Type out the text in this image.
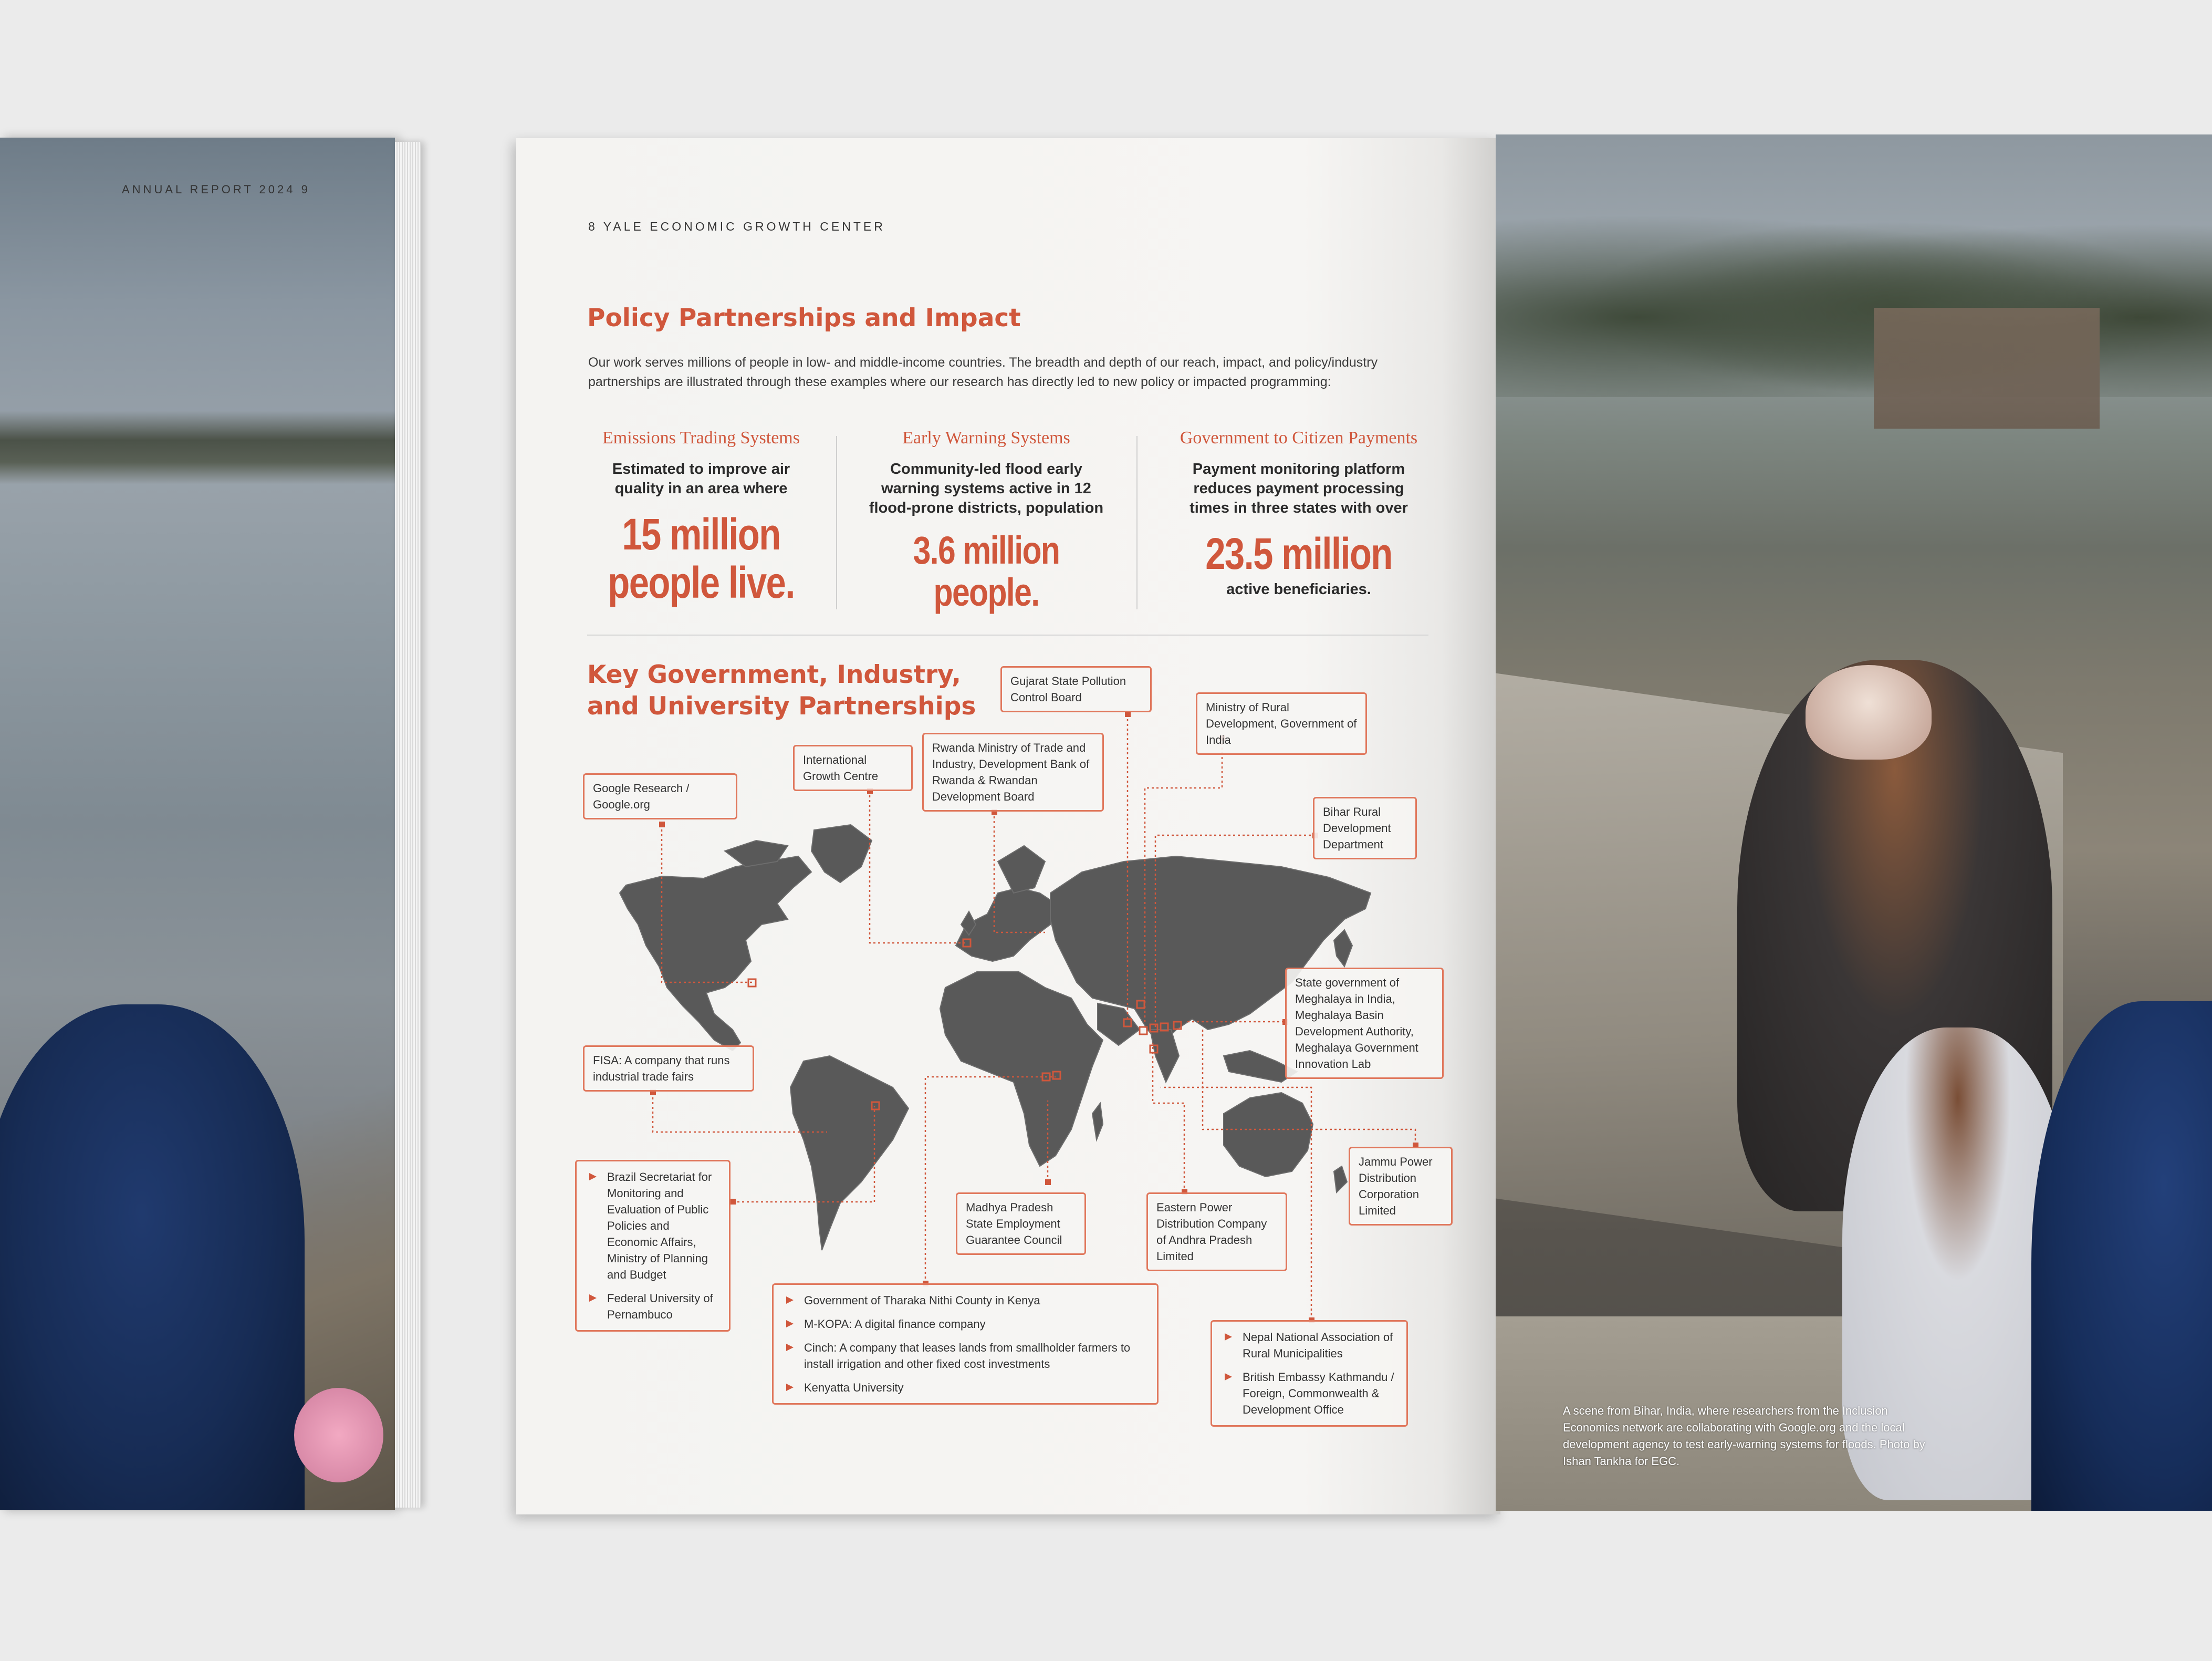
ANNUAL REPORT 2024 9
8 YALE ECONOMIC GROWTH CENTER
Policy Partnerships and Impact
Our work serves millions of people in low- and middle-income countries. The breadth and depth of our reach, impact, and policy/industry partnerships are illustrated through these examples where our research has directly led to new policy or impacted programming:
Emissions Trading Systems
Estimated to improve air quality in an area where
15 million
people live.
Early Warning Systems
Community-led flood early warning systems active in 12 flood-prone districts, population
3.6 million
people.
Government to Citizen Payments
Payment monitoring platform reduces payment processing times in three states with over
23.5 million
active beneficiaries.
Key Government, Industry,
and University Partnerships
Google Research / Google.org
International Growth Centre
Rwanda Ministry of Trade and Industry, Development Bank of Rwanda & Rwandan Development Board
Gujarat State Pollution Control Board
Ministry of Rural Development, Government of India
Bihar Rural Development Department
State government of Meghalaya in India, Meghalaya Basin Development Authority, Meghalaya Government Innovation Lab
FISA: A company that runs industrial trade fairs
Brazil Secretariat for Monitoring and Evaluation of Public Policies and Economic Affairs, Ministry of Planning and Budget
Federal University of Pernambuco
Madhya Pradesh State Employment Guarantee Council
Eastern Power Distribution Company of Andhra Pradesh Limited
Jammu Power Distribution Corporation Limited
Government of Tharaka Nithi County in Kenya
M-KOPA: A digital finance company
Cinch: A company that leases lands from smallholder farmers to install irrigation and other fixed cost investments
Kenyatta University
Nepal National Association of Rural Municipalities
British Embassy Kathmandu / Foreign, Commonwealth & Development Office	A scene from Bihar, India, where researchers from the Inclusion Economics network are collaborating with Google.org and the local development agency to test early-warning systems for floods. Photo by Ishan Tankha for EGC.
